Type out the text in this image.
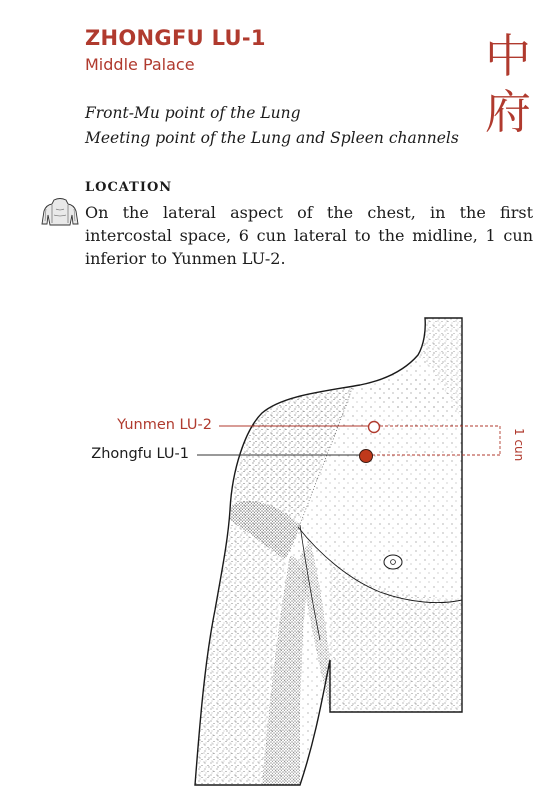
ZHONGFU LU-1
Middle Palace	中
府
Front-Mu point of the Lung
Meeting point of the Lung and Spleen channels
LOCATION
On the lateral aspect of the chest, in the first intercostal space, 6 cun lateral to the midline, 1 cun inferior to Yunmen LU-2.
Yunmen LU-2
Zhongfu LU-1	1 cun
